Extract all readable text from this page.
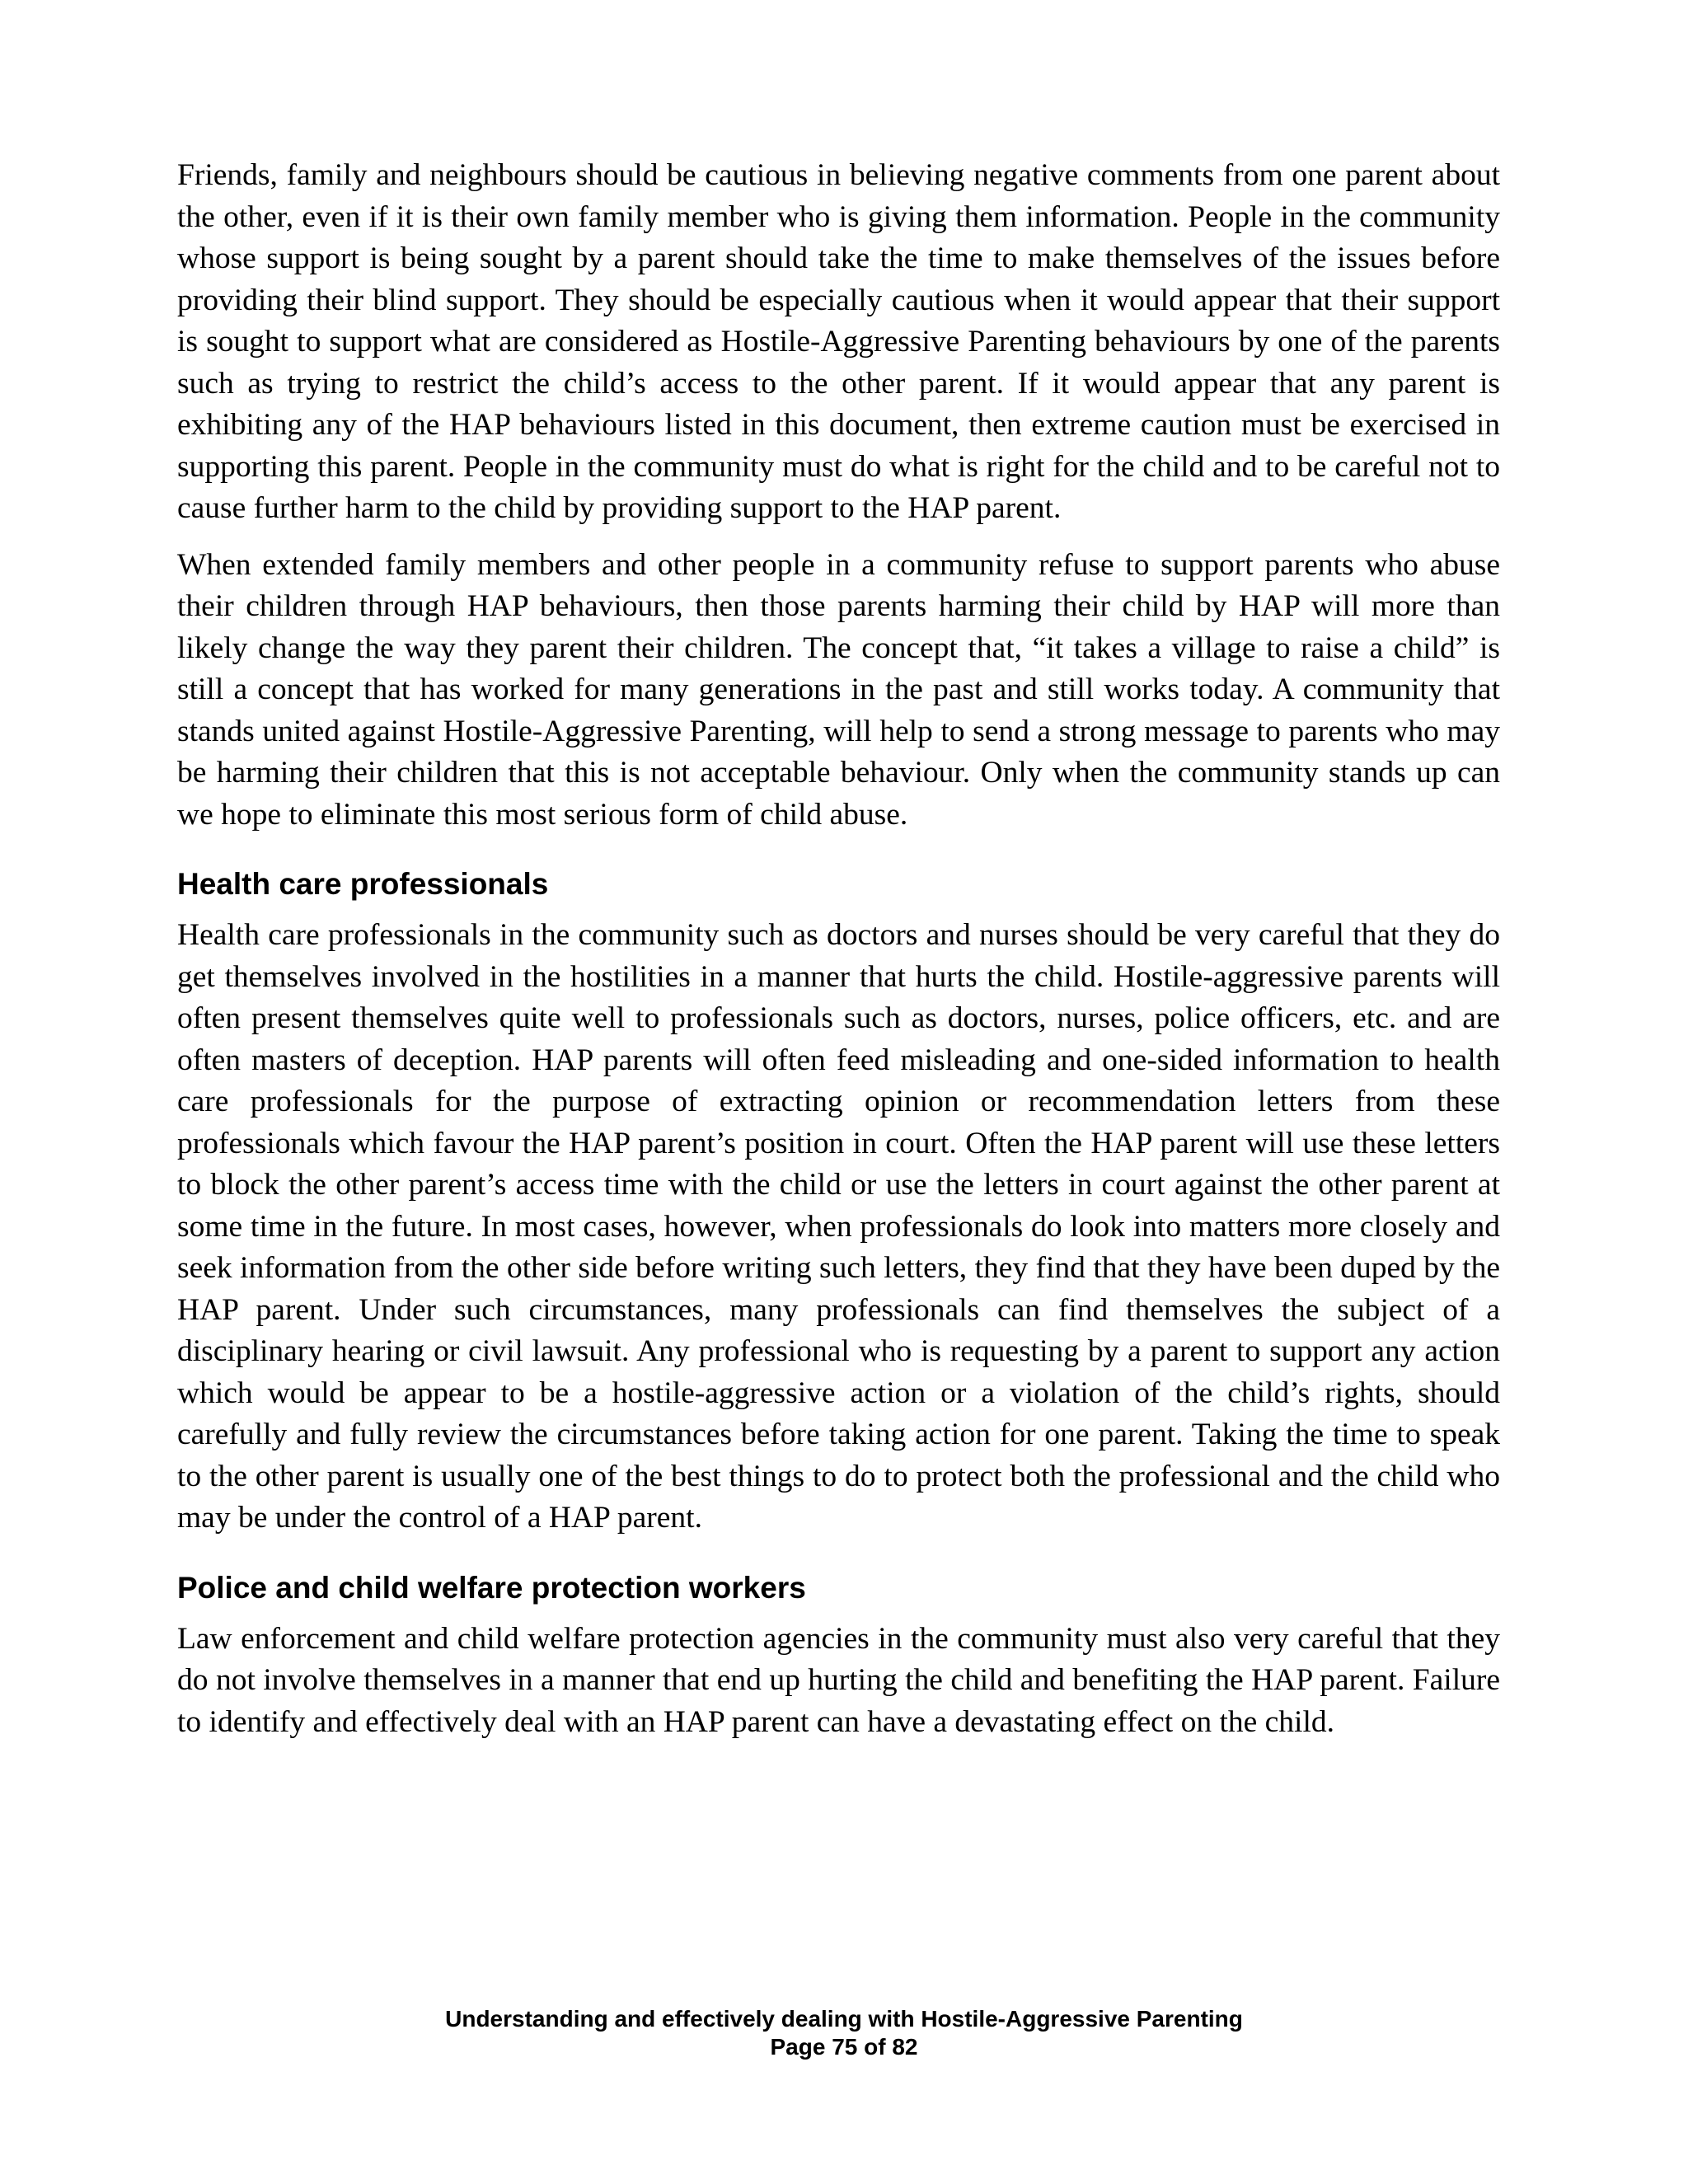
Friends, family and neighbours should be cautious in believing negative comments from one parent about the other, even if it is their own family member who is giving them information. People in the community whose support is being sought by a parent should take the time to make themselves of the issues before providing their blind support. They should be especially cautious when it would appear that their support is sought to support what are considered as Hostile-Aggressive Parenting behaviours by one of the parents such as trying to restrict the child’s access to the other parent. If it would appear that any parent is exhibiting any of the HAP behaviours listed in this document, then extreme caution must be exercised in supporting this parent. People in the community must do what is right for the child and to be careful not to cause further harm to the child by providing support to the HAP parent.

When extended family members and other people in a community refuse to support parents who abuse their children through HAP behaviours, then those parents harming their child by HAP will more than likely change the way they parent their children. The concept that, “it takes a village to raise a child” is still a concept that has worked for many generations in the past and still works today. A community that stands united against Hostile-Aggressive Parenting, will help to send a strong message to parents who may be harming their children that this is not acceptable behaviour. Only when the community stands up can we hope to eliminate this most serious form of child abuse.

Health care professionals

Health care professionals in the community such as doctors and nurses should be very careful that they do get themselves involved in the hostilities in a manner that hurts the child. Hostile-aggressive parents will often present themselves quite well to professionals such as doctors, nurses, police officers, etc. and are often masters of deception. HAP parents will often feed misleading and one-sided information to health care professionals for the purpose of extracting opinion or recommendation letters from these professionals which favour the HAP parent’s position in court. Often the HAP parent will use these letters to block the other parent’s access time with the child or use the letters in court against the other parent at some time in the future. In most cases, however, when professionals do look into matters more closely and seek information from the other side before writing such letters, they find that they have been duped by the HAP parent. Under such circumstances, many professionals can find themselves the subject of a disciplinary hearing or civil lawsuit. Any professional who is requesting by a parent to support any action which would be appear to be a hostile-aggressive action or a violation of the child’s rights, should carefully and fully review the circumstances before taking action for one parent. Taking the time to speak to the other parent is usually one of the best things to do to protect both the professional and the child who may be under the control of a HAP parent.

Police and child welfare protection workers

Law enforcement and child welfare protection agencies in the community must also very careful that they do not involve themselves in a manner that end up hurting the child and benefiting the HAP parent. Failure to identify and effectively deal with an HAP parent can have a devastating effect on the child.

Understanding and effectively dealing with Hostile-Aggressive Parenting
Page 75 of 82
